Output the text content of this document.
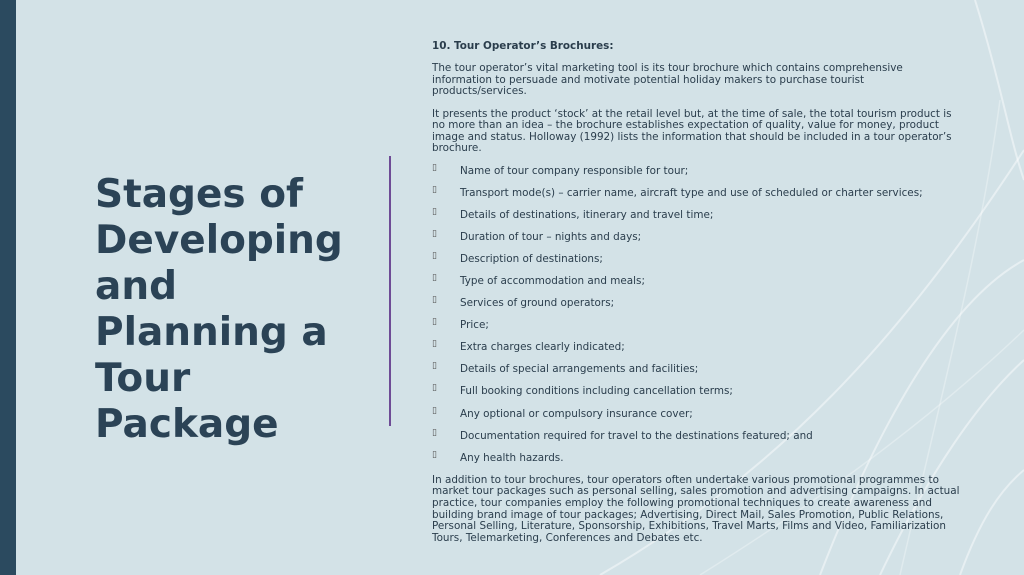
Stages of Developing and Planning a Tour Package

10. Tour Operator’s Brochures:

The tour operator’s vital marketing tool is its tour brochure which contains comprehensive information to persuade and motivate potential holiday makers to purchase tourist products/services.

It presents the product ‘stock’ at the retail level but, at the time of sale, the total tourism product is no more than an idea – the brochure establishes expectation of quality, value for money, product image and status. Holloway (1992) lists the information that should be included in a tour operator’s brochure.

▯ Name of tour company responsible for tour;
▯ Transport mode(s) – carrier name, aircraft type and use of scheduled or charter services;
▯ Details of destinations, itinerary and travel time;
▯ Duration of tour – nights and days;
▯ Description of destinations;
▯ Type of accommodation and meals;
▯ Services of ground operators;
▯ Price;
▯ Extra charges clearly indicated;
▯ Details of special arrangements and facilities;
▯ Full booking conditions including cancellation terms;
▯ Any optional or compulsory insurance cover;
▯ Documentation required for travel to the destinations featured; and
▯ Any health hazards.

In addition to tour brochures, tour operators often undertake various promotional programmes to market tour packages such as personal selling, sales promotion and advertising campaigns. In actual practice, tour companies employ the following promotional techniques to create awareness and building brand image of tour packages; Advertising, Direct Mail, Sales Promotion, Public Relations, Personal Selling, Literature, Sponsorship, Exhibitions, Travel Marts, Films and Video, Familiarization Tours, Telemarketing, Conferences and Debates etc.
